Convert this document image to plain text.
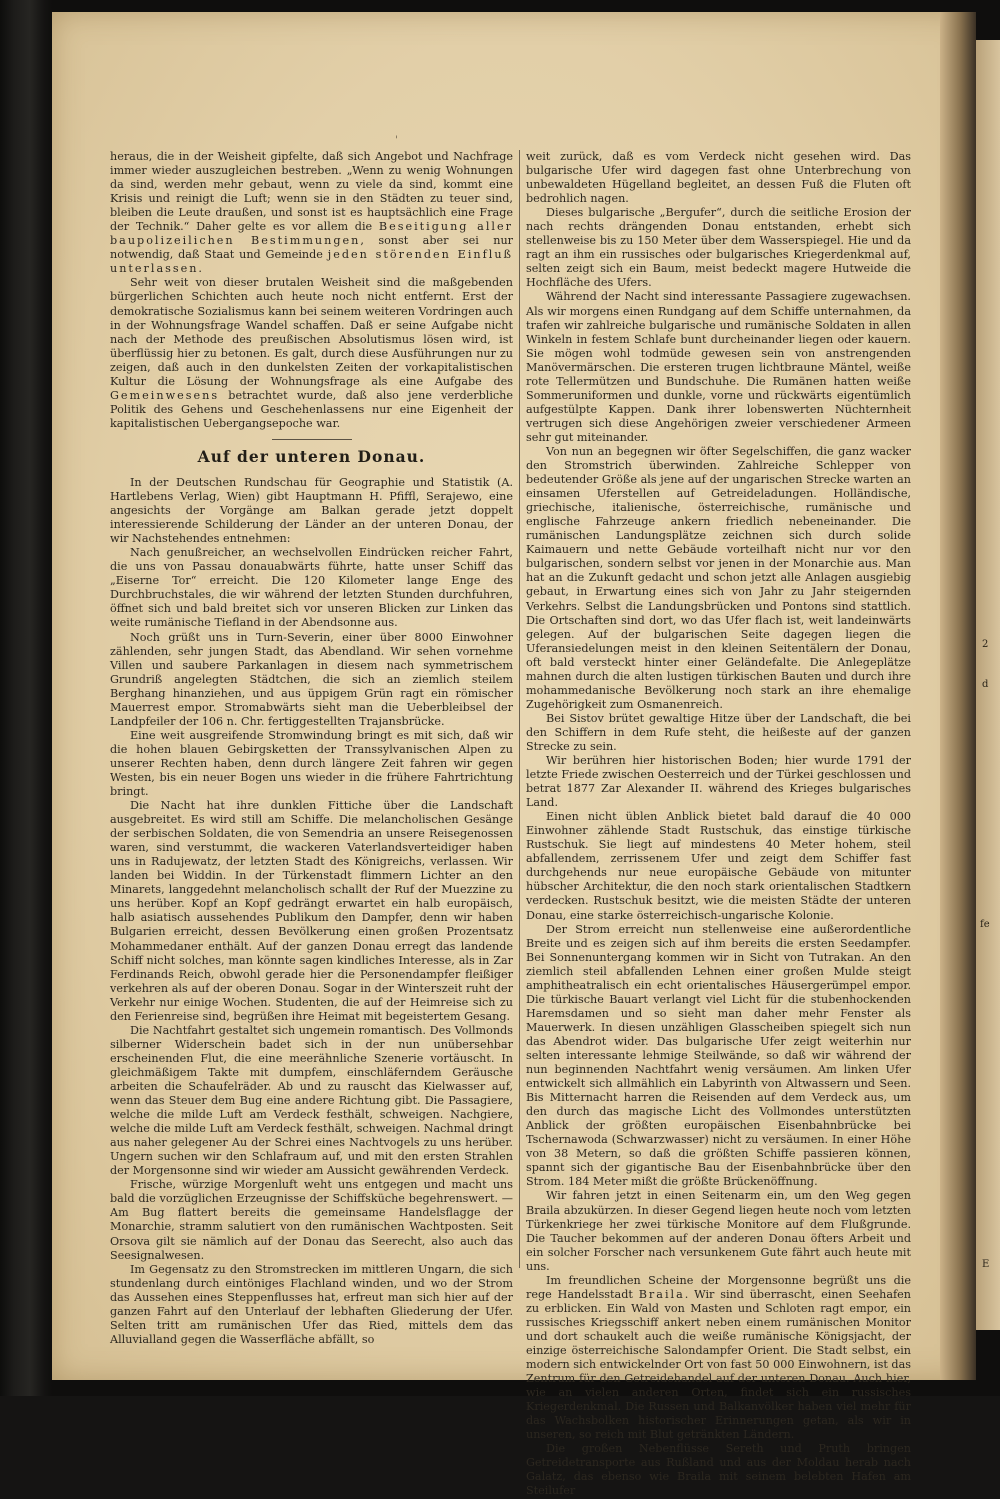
2
d
fe
E
'

heraus, die in der Weisheit gipfelte, daß sich Angebot und Nachfrage immer wieder auszugleichen bestreben. „Wenn zu wenig Wohnungen da sind, werden mehr gebaut, wenn zu viele da sind, kommt eine Krisis und reinigt die Luft; wenn sie in den Städten zu teuer sind, bleiben die Leute draußen, und sonst ist es hauptsächlich eine Frage der Technik.“ Daher gelte es vor allem die Beseitigung aller baupolizeilichen Bestimmungen, sonst aber sei nur notwendig, daß Staat und Gemeinde jeden störenden Einfluß unterlassen.

Sehr weit von dieser brutalen Weisheit sind die maßgebenden bürgerlichen Schichten auch heute noch nicht entfernt. Erst der demokratische Sozialismus kann bei seinem weiteren Vordringen auch in der Wohnungsfrage Wandel schaffen. Daß er seine Aufgabe nicht nach der Methode des preußischen Absolutismus lösen wird, ist überflüssig hier zu betonen. Es galt, durch diese Ausführungen nur zu zeigen, daß auch in den dunkelsten Zeiten der vorkapitalistischen Kultur die Lösung der Wohnungsfrage als eine Aufgabe des Gemeinwesens betrachtet wurde, daß also jene verderbliche Politik des Gehens und Geschehenlassens nur eine Eigenheit der kapitalistischen Uebergangsepoche war.

Auf der unteren Donau.

In der Deutschen Rundschau für Geographie und Statistik (A. Hartlebens Verlag, Wien) gibt Hauptmann H. Pfiffl, Serajewo, eine angesichts der Vorgänge am Balkan gerade jetzt doppelt interessierende Schilderung der Länder an der unteren Donau, der wir Nachstehendes entnehmen:

Nach genußreicher, an wechselvollen Eindrücken reicher Fahrt, die uns von Passau donauabwärts führte, hatte unser Schiff das „Eiserne Tor“ erreicht. Die 120 Kilometer lange Enge des Durchbruchstales, die wir während der letzten Stunden durchfuhren, öffnet sich und bald breitet sich vor unseren Blicken zur Linken das weite rumänische Tiefland in der Abendsonne aus.

Noch grüßt uns in Turn-Severin, einer über 8000 Einwohner zählenden, sehr jungen Stadt, das Abendland. Wir sehen vornehme Villen und saubere Parkanlagen in diesem nach symmetrischem Grundriß angelegten Städtchen, die sich an ziemlich steilem Berghang hinanziehen, und aus üppigem Grün ragt ein römischer Mauerrest empor. Stromabwärts sieht man die Ueberbleibsel der Landpfeiler der 106 n. Chr. fertiggestellten Trajansbrücke.

Eine weit ausgreifende Stromwindung bringt es mit sich, daß wir die hohen blauen Gebirgsketten der Transsylvanischen Alpen zu unserer Rechten haben, denn durch längere Zeit fahren wir gegen Westen, bis ein neuer Bogen uns wieder in die frühere Fahrtrichtung bringt.

Die Nacht hat ihre dunklen Fittiche über die Landschaft ausgebreitet. Es wird still am Schiffe. Die melancholischen Gesänge der serbischen Soldaten, die von Semendria an unsere Reisegenossen waren, sind verstummt, die wackeren Vaterlandsverteidiger haben uns in Radujewatz, der letzten Stadt des Königreichs, verlassen. Wir landen bei Widdin. In der Türkenstadt flimmern Lichter an den Minarets, langgedehnt melancholisch schallt der Ruf der Muezzine zu uns herüber. Kopf an Kopf gedrängt erwartet ein halb europäisch, halb asiatisch aussehendes Publikum den Dampfer, denn wir haben Bulgarien erreicht, dessen Bevölkerung einen großen Prozentsatz Mohammedaner enthält. Auf der ganzen Donau erregt das landende Schiff nicht solches, man könnte sagen kindliches Interesse, als in Zar Ferdinands Reich, obwohl gerade hier die Personendampfer fleißiger verkehren als auf der oberen Donau. Sogar in der Winterszeit ruht der Verkehr nur einige Wochen. Studenten, die auf der Heimreise sich zu den Ferienreise sind, begrüßen ihre Heimat mit begeistertem Gesang.

Die Nachtfahrt gestaltet sich ungemein romantisch. Des Vollmonds silberner Widerschein badet sich in der nun unübersehbar erscheinenden Flut, die eine meerähnliche Szenerie vortäuscht. In gleichmäßigem Takte mit dumpfem, einschläferndem Geräusche arbeiten die Schaufelräder. Ab und zu rauscht das Kielwasser auf, wenn das Steuer dem Bug eine andere Richtung gibt. Die Passagiere, welche die milde Luft am Verdeck festhält, schweigen. Nachgiere, welche die milde Luft am Verdeck festhält, schweigen. Nachmal dringt aus naher gelegener Au der Schrei eines Nachtvogels zu uns herüber. Ungern suchen wir den Schlafraum auf, und mit den ersten Strahlen der Morgensonne sind wir wieder am Aussicht gewährenden Verdeck.

Frische, würzige Morgenluft weht uns entgegen und macht uns bald die vorzüglichen Erzeugnisse der Schiffsküche begehrenswert. — Am Bug flattert bereits die gemeinsame Handelsflagge der Monarchie, stramm salutiert von den rumänischen Wachtposten. Seit Orsova gilt sie nämlich auf der Donau das Seerecht, also auch das Seesignalwesen.

Im Gegensatz zu den Stromstrecken im mittleren Ungarn, die sich stundenlang durch eintöniges Flachland winden, und wo der Strom das Aussehen eines Steppenflusses hat, erfreut man sich hier auf der ganzen Fahrt auf den Unterlauf der lebhaften Gliederung der Ufer. Selten tritt am rumänischen Ufer das Ried, mittels dem das Alluvialland gegen die Wasserfläche abfällt, so

weit zurück, daß es vom Verdeck nicht gesehen wird. Das bulgarische Ufer wird dagegen fast ohne Unterbrechung von unbewaldeten Hügelland begleitet, an dessen Fuß die Fluten oft bedrohlich nagen.

Dieses bulgarische „Bergufer“, durch die seitliche Erosion der nach rechts drängenden Donau entstanden, erhebt sich stellenweise bis zu 150 Meter über dem Wasserspiegel. Hie und da ragt an ihm ein russisches oder bulgarisches Kriegerdenkmal auf, selten zeigt sich ein Baum, meist bedeckt magere Hutweide die Hochfläche des Ufers.

Während der Nacht sind interessante Passagiere zugewachsen. Als wir morgens einen Rundgang auf dem Schiffe unternahmen, da trafen wir zahlreiche bulgarische und rumänische Soldaten in allen Winkeln in festem Schlafe bunt durcheinander liegen oder kauern. Sie mögen wohl todmüde gewesen sein von anstrengenden Manövermärschen. Die ersteren trugen lichtbraune Mäntel, weiße rote Tellermützen und Bundschuhe. Die Rumänen hatten weiße Sommeruniformen und dunkle, vorne und rückwärts eigentümlich aufgestülpte Kappen. Dank ihrer lobenswerten Nüchternheit vertrugen sich diese Angehörigen zweier verschiedener Armeen sehr gut miteinander.

Von nun an begegnen wir öfter Segelschiffen, die ganz wacker den Stromstrich überwinden. Zahlreiche Schlepper von bedeutender Größe als jene auf der ungarischen Strecke warten an einsamen Uferstellen auf Getreideladungen. Holländische, griechische, italienische, österreichische, rumänische und englische Fahrzeuge ankern friedlich nebeneinander. Die rumänischen Landungsplätze zeichnen sich durch solide Kaimauern und nette Gebäude vorteilhaft nicht nur vor den bulgarischen, sondern selbst vor jenen in der Monarchie aus. Man hat an die Zukunft gedacht und schon jetzt alle Anlagen ausgiebig gebaut, in Erwartung eines sich von Jahr zu Jahr steigernden Verkehrs. Selbst die Landungsbrücken und Pontons sind stattlich. Die Ortschaften sind dort, wo das Ufer flach ist, weit landeinwärts gelegen. Auf der bulgarischen Seite dagegen liegen die Uferansiedelungen meist in den kleinen Seitentälern der Donau, oft bald versteckt hinter einer Geländefalte. Die Anlegeplätze mahnen durch die alten lustigen türkischen Bauten und durch ihre mohammedanische Bevölkerung noch stark an ihre ehemalige Zugehörigkeit zum Osmanenreich.

Bei Sistov brütet gewaltige Hitze über der Landschaft, die bei den Schiffern in dem Rufe steht, die heißeste auf der ganzen Strecke zu sein.

Wir berühren hier historischen Boden; hier wurde 1791 der letzte Friede zwischen Oesterreich und der Türkei geschlossen und betrat 1877 Zar Alexander II. während des Krieges bulgarisches Land.

Einen nicht üblen Anblick bietet bald darauf die 40 000 Einwohner zählende Stadt Rustschuk, das einstige türkische Rustschuk. Sie liegt auf mindestens 40 Meter hohem, steil abfallendem, zerrissenem Ufer und zeigt dem Schiffer fast durchgehends nur neue europäische Gebäude von mitunter hübscher Architektur, die den noch stark orientalischen Stadtkern verdecken. Rustschuk besitzt, wie die meisten Städte der unteren Donau, eine starke österreichisch-ungarische Kolonie.

Der Strom erreicht nun stellenweise eine außerordentliche Breite und es zeigen sich auf ihm bereits die ersten Seedampfer. Bei Sonnenuntergang kommen wir in Sicht von Tutrakan. An den ziemlich steil abfallenden Lehnen einer großen Mulde steigt amphitheatralisch ein echt orientalisches Häusergerümpel empor. Die türkische Bauart verlangt viel Licht für die stubenhockenden Haremsdamen und so sieht man daher mehr Fenster als Mauerwerk. In diesen unzähligen Glasscheiben spiegelt sich nun das Abendrot wider. Das bulgarische Ufer zeigt weiterhin nur selten interessante lehmige Steilwände, so daß wir während der nun beginnenden Nachtfahrt wenig versäumen. Am linken Ufer entwickelt sich allmählich ein Labyrinth von Altwassern und Seen. Bis Mitternacht harren die Reisenden auf dem Verdeck aus, um den durch das magische Licht des Vollmondes unterstützten Anblick der größten europäischen Eisenbahnbrücke bei Tschernawoda (Schwarzwasser) nicht zu versäumen. In einer Höhe von 38 Metern, so daß die größten Schiffe passieren können, spannt sich der gigantische Bau der Eisenbahnbrücke über den Strom. 184 Meter mißt die größte Brückenöffnung.

Wir fahren jetzt in einen Seitenarm ein, um den Weg gegen Braila abzukürzen. In dieser Gegend liegen heute noch vom letzten Türkenkriege her zwei türkische Monitore auf dem Flußgrunde. Die Taucher bekommen auf der anderen Donau öfters Arbeit und ein solcher Forscher nach versunkenem Gute fährt auch heute mit uns.

Im freundlichen Scheine der Morgensonne begrüßt uns die rege Handelsstadt Braila. Wir sind überrascht, einen Seehafen zu erblicken. Ein Wald von Masten und Schloten ragt empor, ein russisches Kriegsschiff ankert neben einem rumänischen Monitor und dort schaukelt auch die weiße rumänische Königsjacht, der einzige österreichische Salondampfer Orient. Die Stadt selbst, ein modern sich entwickelnder Ort von fast 50 000 Einwohnern, ist das Zentrum für den Getreidehandel auf der unteren Donau. Auch hier, wie an vielen anderen Orten, findet sich ein russisches Kriegerdenkmal. Die Russen und Balkanvölker haben viel mehr für das Wachsbolken historischer Erinnerungen getan, als wir in unseren, so reich mit Blut getränkten Ländern.

Die großen Nebenflüsse Sereth und Pruth bringen Getreidetransporte aus Rußland und aus der Moldau herab nach Galatz, das ebenso wie Braila mit seinem belebten Hafen am Steilufer
